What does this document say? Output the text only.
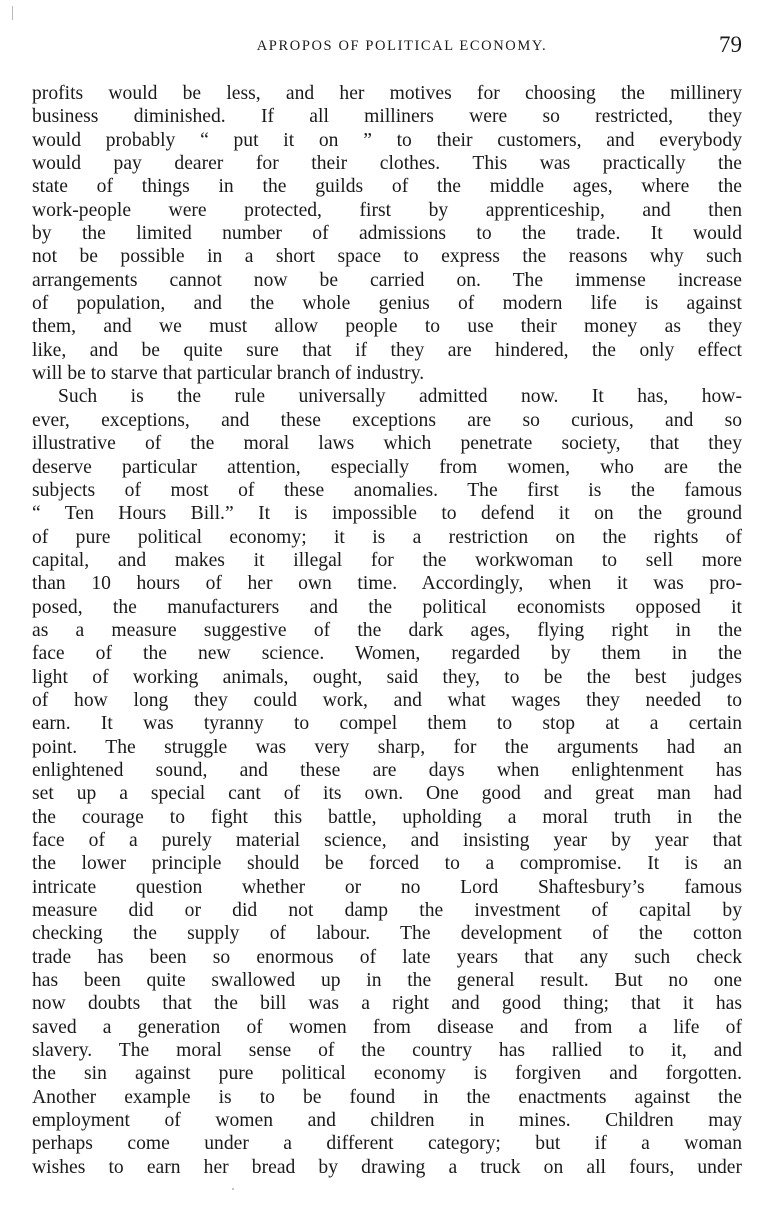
APROPOS OF POLITICAL ECONOMY.	79
profits would be less, and her motives for choosing the millinery
business diminished. If all milliners were so restricted, they
would probably “ put it on ” to their customers, and everybody
would pay dearer for their clothes. This was practically the
state of things in the guilds of the middle ages, where the
work-people were protected, first by apprenticeship, and then
by the limited number of admissions to the trade. It would
not be possible in a short space to express the reasons why such
arrangements cannot now be carried on. The immense increase
of population, and the whole genius of modern life is against
them, and we must allow people to use their money as they
like, and be quite sure that if they are hindered, the only effect
will be to starve that particular branch of industry.
Such is the rule universally admitted now. It has, how-
ever, exceptions, and these exceptions are so curious, and so
illustrative of the moral laws which penetrate society, that they
deserve particular attention, especially from women, who are the
subjects of most of these anomalies. The first is the famous
“ Ten Hours Bill.” It is impossible to defend it on the ground
of pure political economy; it is a restriction on the rights of
capital, and makes it illegal for the workwoman to sell more
than 10 hours of her own time. Accordingly, when it was pro-
posed, the manufacturers and the political economists opposed it
as a measure suggestive of the dark ages, flying right in the
face of the new science. Women, regarded by them in the
light of working animals, ought, said they, to be the best judges
of how long they could work, and what wages they needed to
earn. It was tyranny to compel them to stop at a certain
point. The struggle was very sharp, for the arguments had an
enlightened sound, and these are days when enlightenment has
set up a special cant of its own. One good and great man had
the courage to fight this battle, upholding a moral truth in the
face of a purely material science, and insisting year by year that
the lower principle should be forced to a compromise. It is an
intricate question whether or no Lord Shaftesbury’s famous
measure did or did not damp the investment of capital by
checking the supply of labour. The development of the cotton
trade has been so enormous of late years that any such check
has been quite swallowed up in the general result. But no one
now doubts that the bill was a right and good thing; that it has
saved a generation of women from disease and from a life of
slavery. The moral sense of the country has rallied to it, and
the sin against pure political economy is forgiven and forgotten.
Another example is to be found in the enactments against the
employment of women and children in mines. Children may
perhaps come under a different category; but if a woman
wishes to earn her bread by drawing a truck on all fours, under
